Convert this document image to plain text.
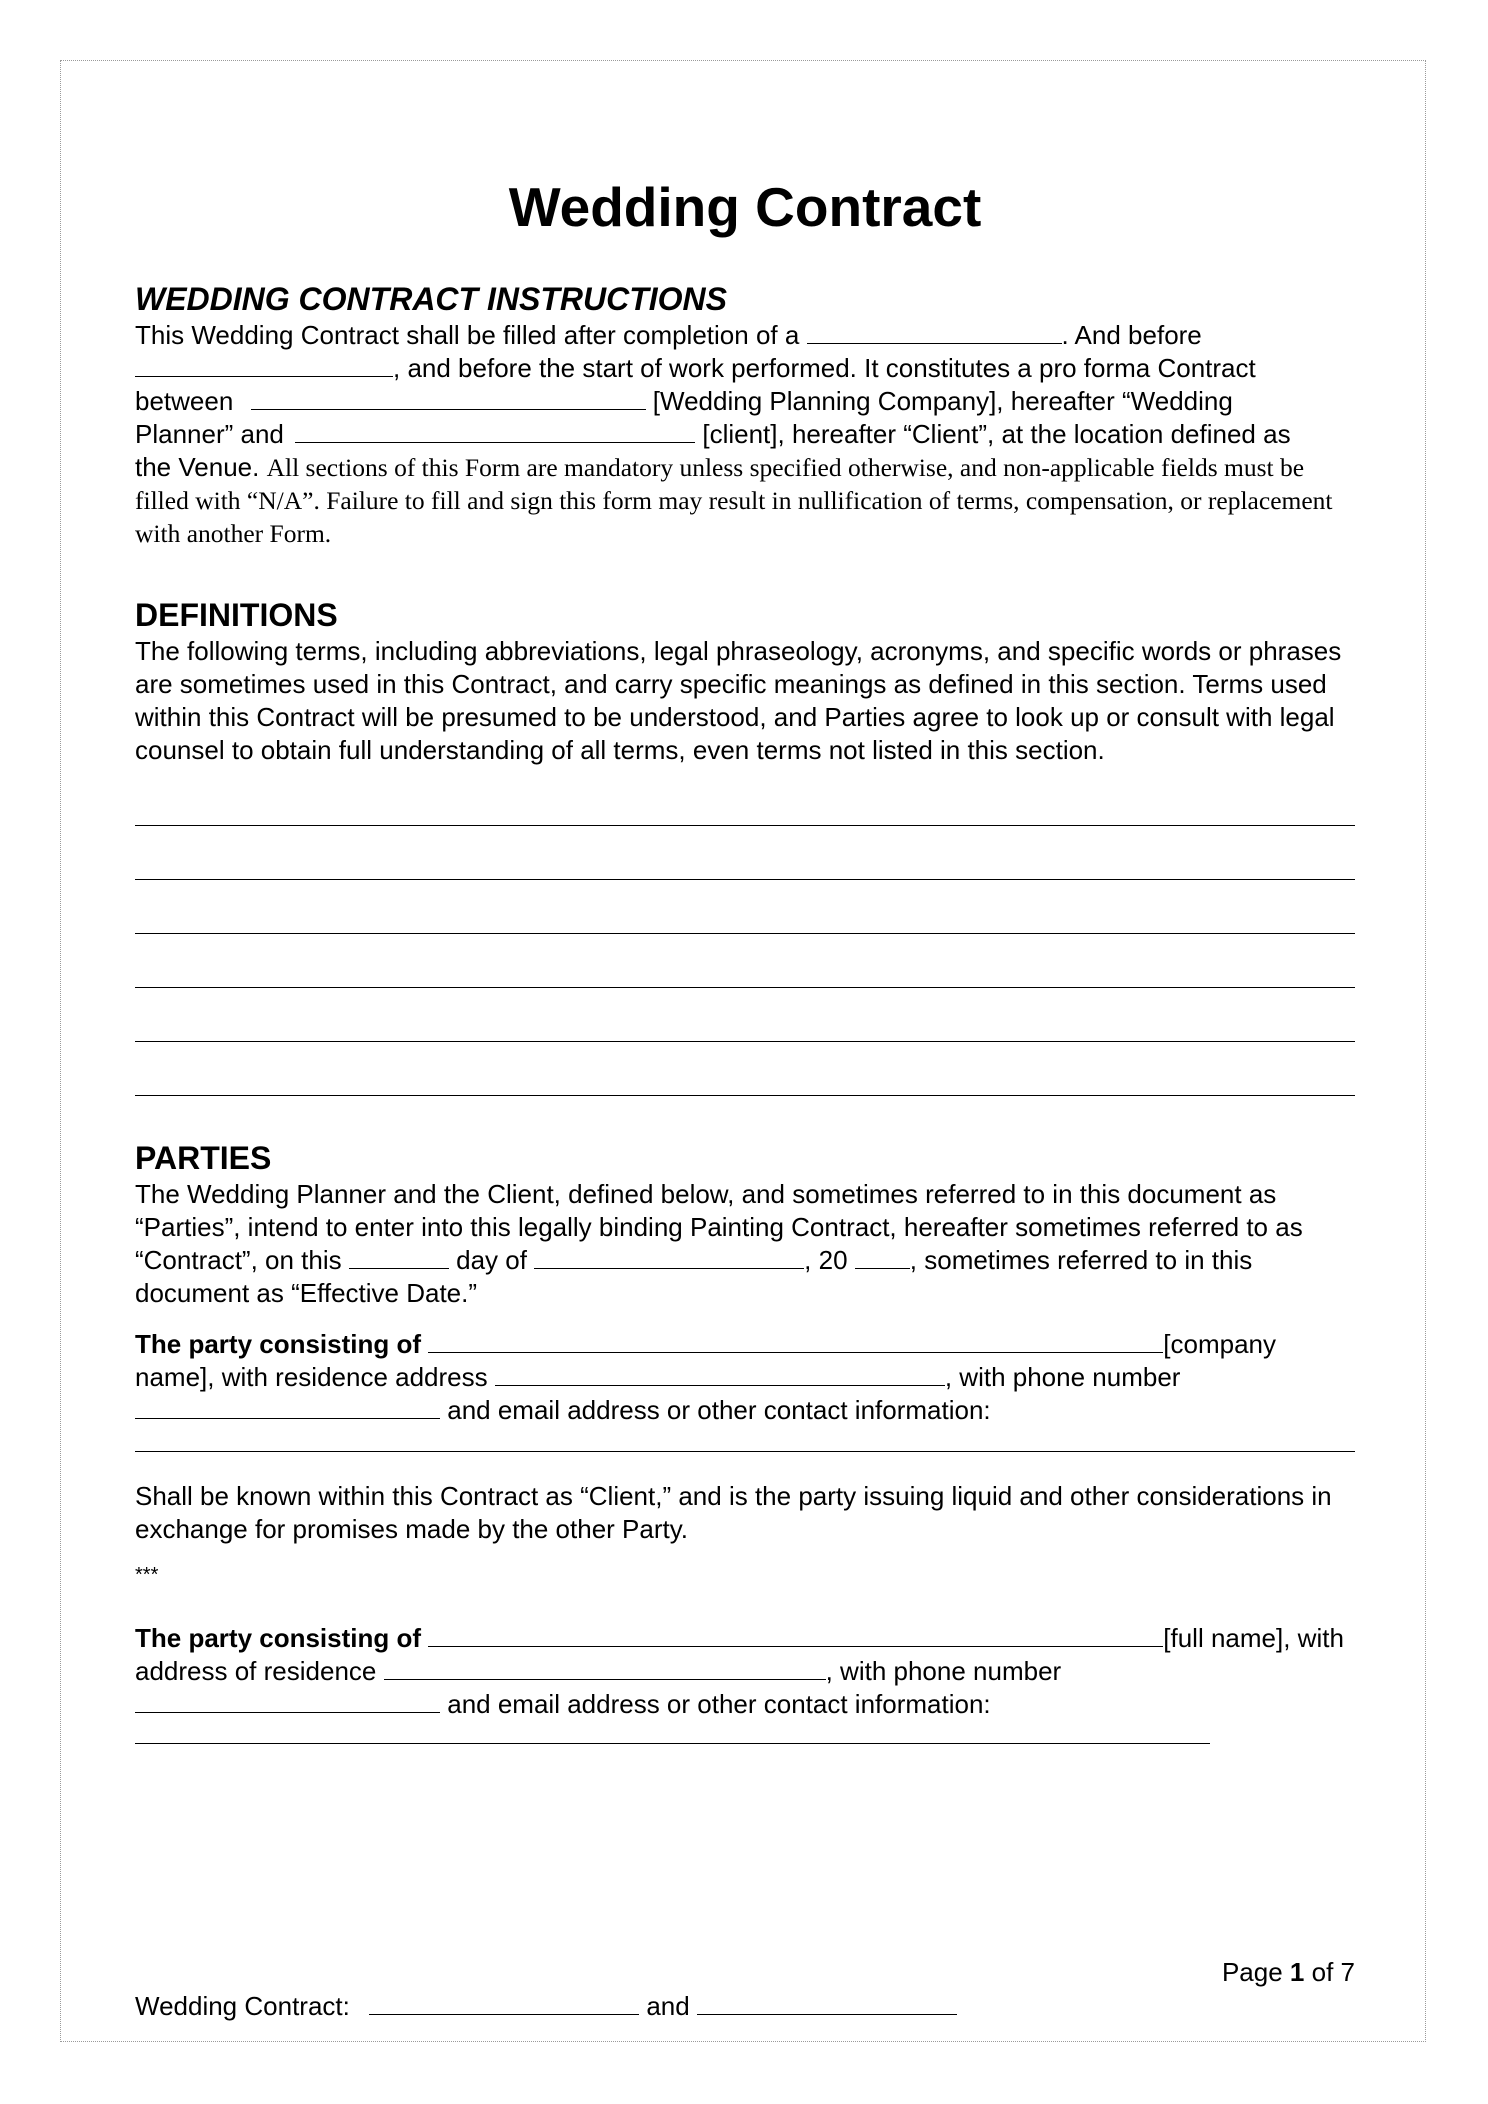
Wedding Contract
WEDDING CONTRACT INSTRUCTIONS

This Wedding Contract shall be filled after completion of a	. And before

, and before the start of work performed. It constitutes a pro forma Contract

between	[Wedding Planning Company], hereafter “Wedding

Planner” and	[client], hereafter “Client”, at the location defined as

the Venue. All sections of this Form are mandatory unless specified otherwise, and non-applicable fields must be filled with “N/A”. Failure to fill and sign this form may result in nullification of terms, compensation, or replacement with another Form.

DEFINITIONS

The following terms, including abbreviations, legal phraseology, acronyms, and specific words or phrases are sometimes used in this Contract, and carry specific meanings as defined in this section. Terms used within this Contract will be presumed to be understood, and Parties agree to look up or consult with legal counsel to obtain full understanding of all terms, even terms not listed in this section.

PARTIES

The Wedding Planner and the Client, defined below, and sometimes referred to in this document as “Parties”, intend to enter into this legally binding Painting Contract, hereafter sometimes referred to as “Contract”, on this	day of	, 20 , sometimes referred to in this document as “Effective Date.”

The party consisting of	[company name], with residence address	, with phone number  and email address or other contact information:

Shall be known within this Contract as “Client,” and is the party issuing liquid and other considerations in exchange for promises made by the other Party.

***

The party consisting of	[full name], with address of residence	, with phone number  and email address or other contact information:

Page 1 of 7
Wedding Contract:	and
